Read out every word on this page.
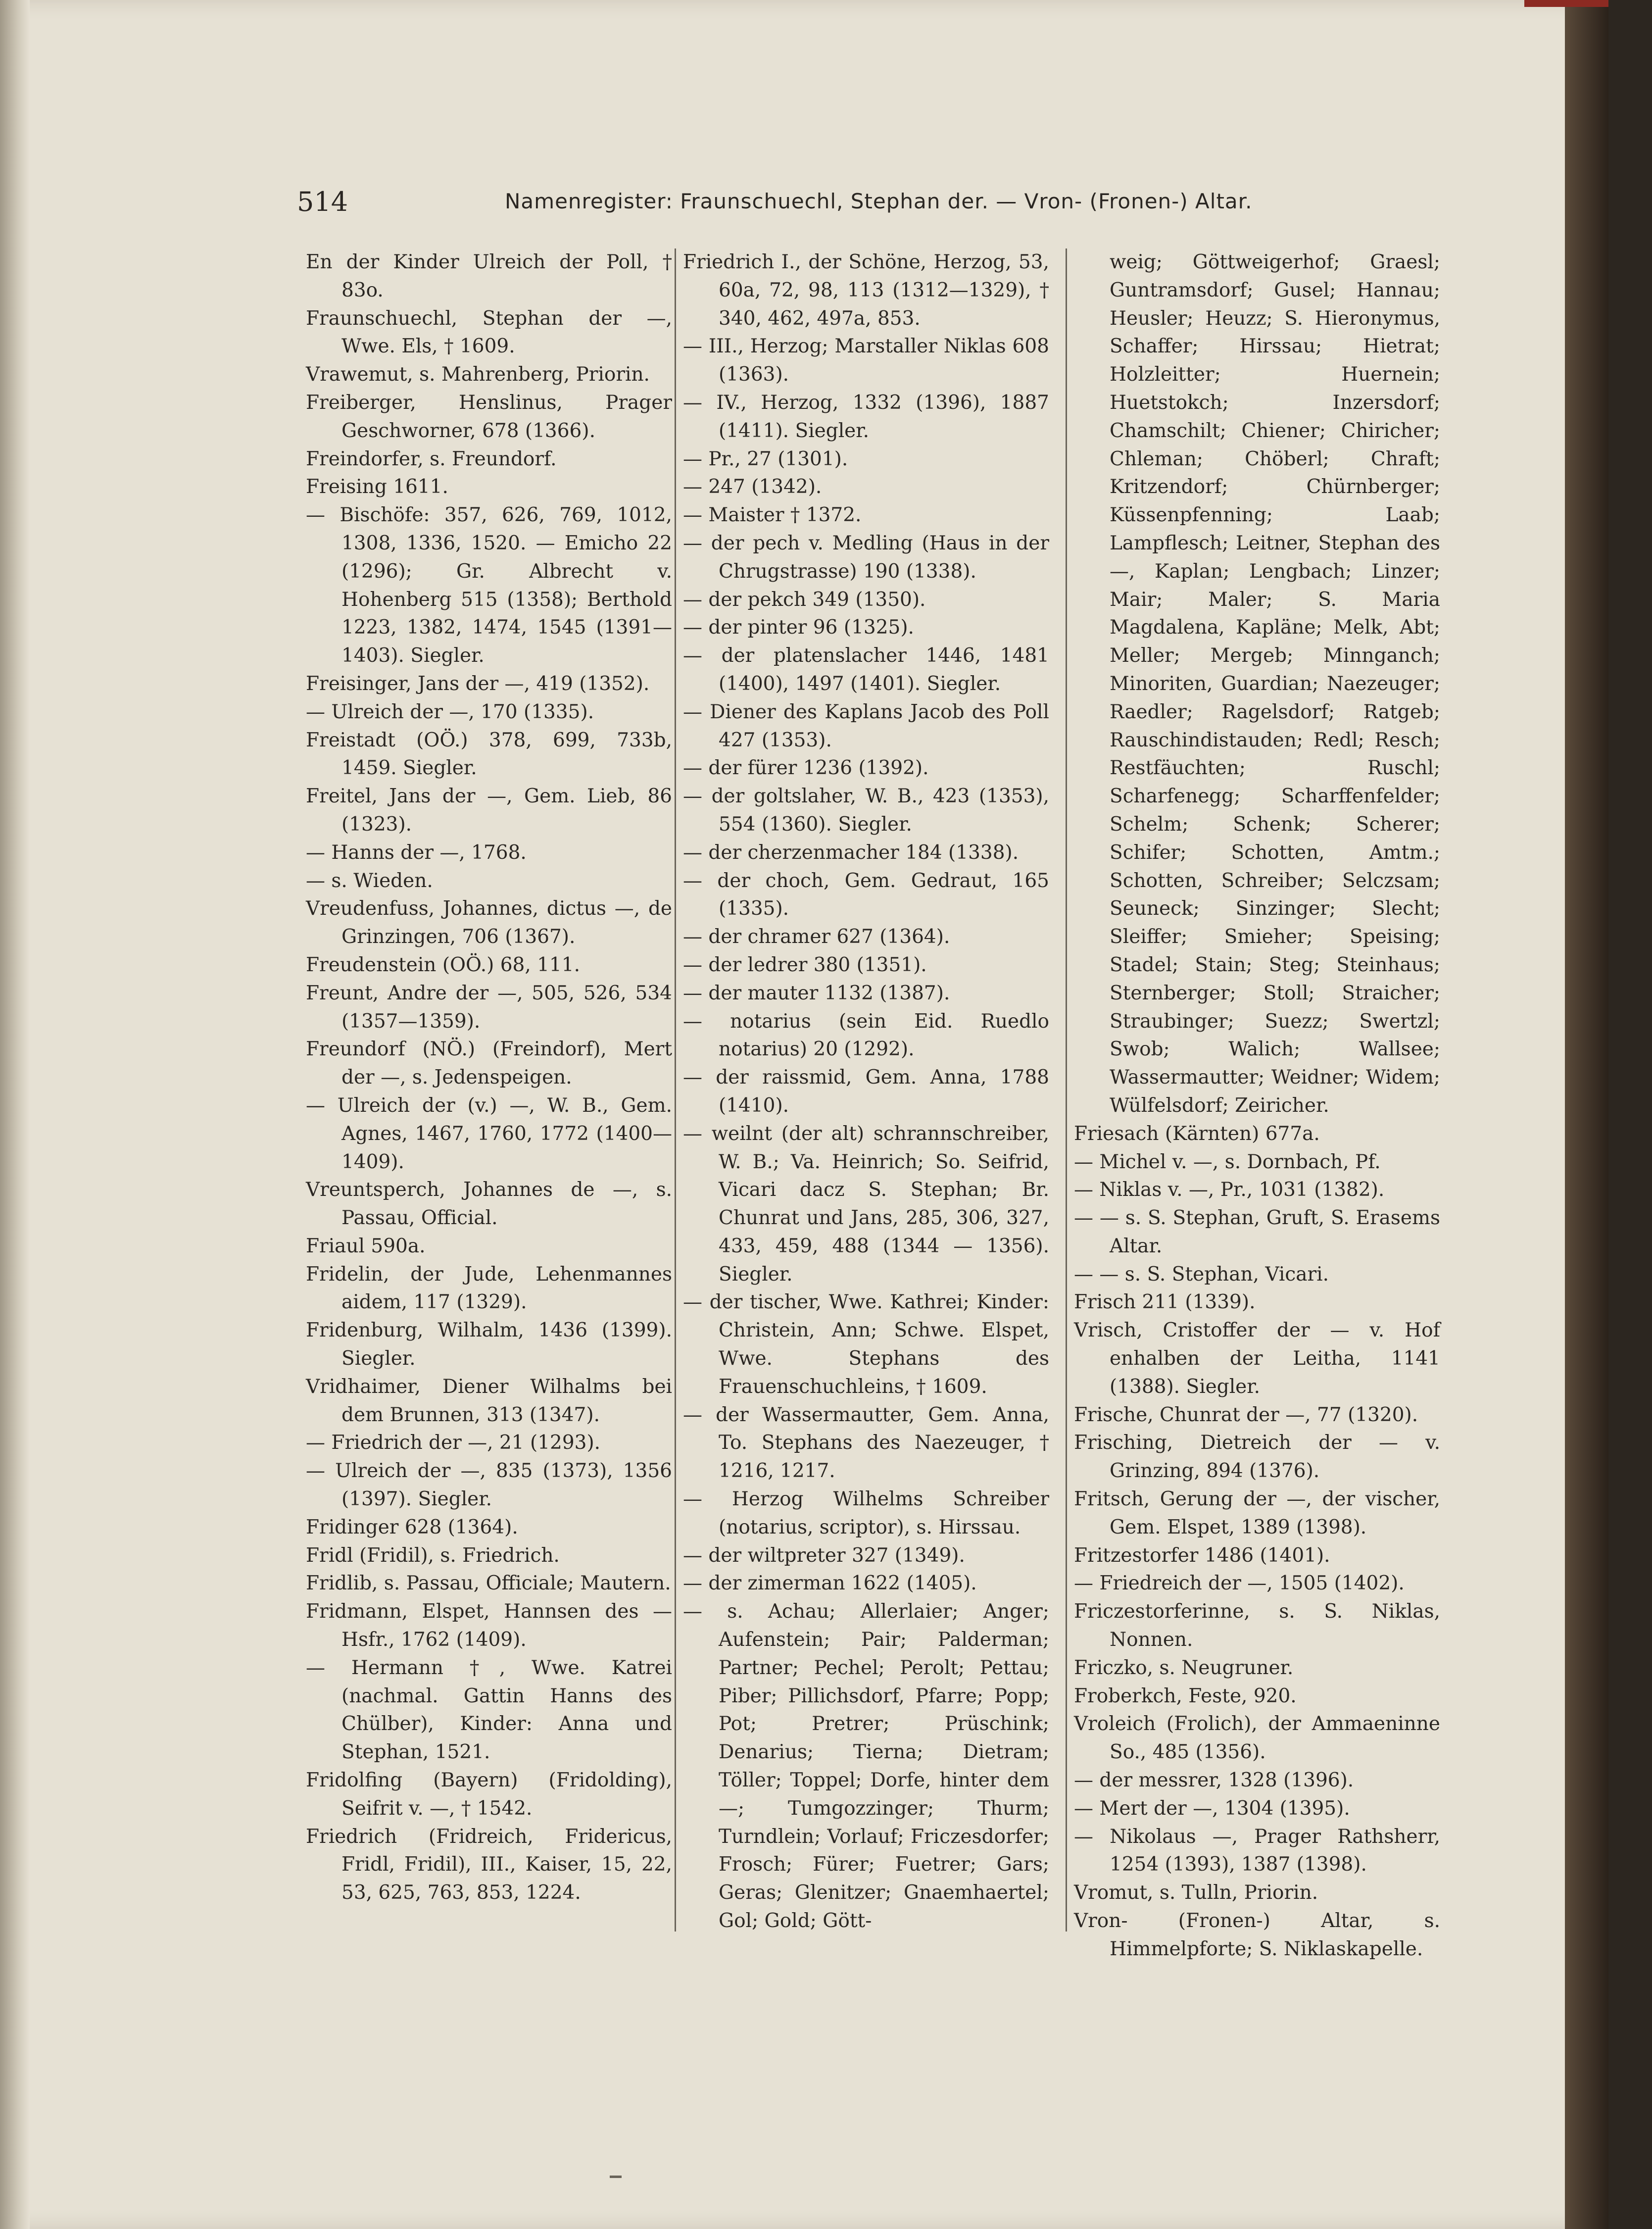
514	Namenregister: Fraunschuechl, Stephan der. — Vron- (Fronen-) Altar.

En der Kinder Ulreich der Poll, † 83o.

Fraunschuechl, Stephan der —, Wwe. Els, † 1609.

Vrawemut, s. Mahrenberg, Priorin.

Freiberger, Henslinus, Prager Geschworner, 678 (1366).

Freindorfer, s. Freundorf.

Freising 1611.

— Bischöfe: 357, 626, 769, 1012, 1308, 1336, 1520. — Emicho 22 (1296); Gr. Albrecht v. Hohenberg 515 (1358); Berthold 1223, 1382, 1474, 1545 (1391—1403). Siegler.

Freisinger, Jans der —, 419 (1352).

— Ulreich der —, 170 (1335).

Freistadt (OÖ.) 378, 699, 733b, 1459. Siegler.

Freitel, Jans der —, Gem. Lieb, 86 (1323).

— Hanns der —, 1768.

— s. Wieden.

Vreudenfuss, Johannes, dictus —, de Grinzingen, 706 (1367).

Freudenstein (OÖ.) 68, 111.

Freunt, Andre der —, 505, 526, 534 (1357—1359).

Freundorf (NÖ.) (Freindorf), Mert der —, s. Jedenspeigen.

— Ulreich der (v.) —, W. B., Gem. Agnes, 1467, 1760, 1772 (1400—1409).

Vreuntsperch, Johannes de —, s. Passau, Official.

Friaul 590a.

Fridelin, der Jude, Lehenmannes aidem, 117 (1329).

Fridenburg, Wilhalm, 1436 (1399). Siegler.

Vridhaimer, Diener Wilhalms bei dem Brunnen, 313 (1347).

— Friedrich der —, 21 (1293).

— Ulreich der —, 835 (1373), 1356 (1397). Siegler.

Fridinger 628 (1364).

Fridl (Fridil), s. Friedrich.

Fridlib, s. Passau, Officiale; Mautern.

Fridmann, Elspet, Hannsen des — Hsfr., 1762 (1409).

— Hermann †, Wwe. Katrei (nachmal. Gattin Hanns des Chülber), Kinder: Anna und Stephan, 1521.

Fridolfing (Bayern) (Fridolding), Seifrit v. —, † 1542.

Friedrich (Fridreich, Fridericus, Fridl, Fridil), III., Kaiser, 15, 22, 53, 625, 763, 853, 1224.

Friedrich I., der Schöne, Herzog, 53, 60a, 72, 98, 113 (1312—1329), † 340, 462, 497a, 853.

— III., Herzog; Marstaller Niklas 608 (1363).

— IV., Herzog, 1332 (1396), 1887 (1411). Siegler.

— Pr., 27 (1301).

— 247 (1342).

— Maister † 1372.

— der pech v. Medling (Haus in der Chrugstrasse) 190 (1338).

— der pekch 349 (1350).

— der pinter 96 (1325).

— der platenslacher 1446, 1481 (1400), 1497 (1401). Siegler.

— Diener des Kaplans Jacob des Poll 427 (1353).

— der fürer 1236 (1392).

— der goltslaher, W. B., 423 (1353), 554 (1360). Siegler.

— der cherzenmacher 184 (1338).

— der choch, Gem. Gedraut, 165 (1335).

— der chramer 627 (1364).

— der ledrer 380 (1351).

— der mauter 1132 (1387).

— notarius (sein Eid. Ruedlo notarius) 20 (1292).

— der raissmid, Gem. Anna, 1788 (1410).

— weilnt (der alt) schrannschreiber, W. B.; Va. Heinrich; So. Seifrid, Vicari dacz S. Stephan; Br. Chunrat und Jans, 285, 306, 327, 433, 459, 488 (1344 — 1356). Siegler.

— der tischer, Wwe. Kathrei; Kinder: Christein, Ann; Schwe. Elspet, Wwe. Stephans des Frauenschuchleins, † 1609.

— der Wassermautter, Gem. Anna, To. Stephans des Naezeuger, † 1216, 1217.

— Herzog Wilhelms Schreiber (notarius, scriptor), s. Hirssau.

— der wiltpreter 327 (1349).

— der zimerman 1622 (1405).

— s. Achau; Allerlaier; Anger; Aufenstein; Pair; Palderman; Partner; Pechel; Perolt; Pettau; Piber; Pillichsdorf, Pfarre; Popp; Pot; Pretrer; Prüschink; Denarius; Tierna; Dietram; Töller; Toppel; Dorfe, hinter dem —; Tumgozzinger; Thurm; Turndlein; Vorlauf; Friczesdorfer; Frosch; Fürer; Fuetrer; Gars; Geras; Glenitzer; Gnaemhaertel; Gol; Gold; Gött-

weig; Göttweigerhof; Graesl; Guntramsdorf; Gusel; Hannau; Heusler; Heuzz; S. Hieronymus, Schaffer; Hirssau; Hietrat; Holzleitter; Huernein; Huetstokch; Inzersdorf; Chamschilt; Chiener; Chiricher; Chleman; Chöberl; Chraft; Kritzendorf; Chürnberger; Küssenpfenning; Laab; Lampflesch; Leitner, Stephan des —, Kaplan; Lengbach; Linzer; Mair; Maler; S. Maria Magdalena, Kapläne; Melk, Abt; Meller; Mergeb; Minnganch; Minoriten, Guardian; Naezeuger; Raedler; Ragelsdorf; Ratgeb; Rauschindistauden; Redl; Resch; Restfäuchten; Ruschl; Scharfenegg; Scharffenfelder; Schelm; Schenk; Scherer; Schifer; Schotten, Amtm.; Schotten, Schreiber; Selczsam; Seuneck; Sinzinger; Slecht; Sleiffer; Smieher; Speising; Stadel; Stain; Steg; Steinhaus; Sternberger; Stoll; Straicher; Straubinger; Suezz; Swertzl; Swob; Walich; Wallsee; Wassermautter; Weidner; Widem; Wülfelsdorf; Zeiricher.

Friesach (Kärnten) 677a.

— Michel v. —, s. Dornbach, Pf.

— Niklas v. —, Pr., 1031 (1382).

— — s. S. Stephan, Gruft, S. Erasems Altar.

— — s. S. Stephan, Vicari.

Frisch 211 (1339).

Vrisch, Cristoffer der — v. Hof enhalben der Leitha, 1141 (1388). Siegler.

Frische, Chunrat der —, 77 (1320).

Frisching, Dietreich der — v. Grinzing, 894 (1376).

Fritsch, Gerung der —, der vischer, Gem. Elspet, 1389 (1398).

Fritzestorfer 1486 (1401).

— Friedreich der —, 1505 (1402).

Friczestorferinne, s. S. Niklas, Nonnen.

Friczko, s. Neugruner.

Froberkch, Feste, 920.

Vroleich (Frolich), der Ammaeninne So., 485 (1356).

— der messrer, 1328 (1396).

— Mert der —, 1304 (1395).

— Nikolaus —, Prager Rathsherr, 1254 (1393), 1387 (1398).

Vromut, s. Tulln, Priorin.

Vron- (Fronen-) Altar, s. Himmelpforte; S. Niklaskapelle.
